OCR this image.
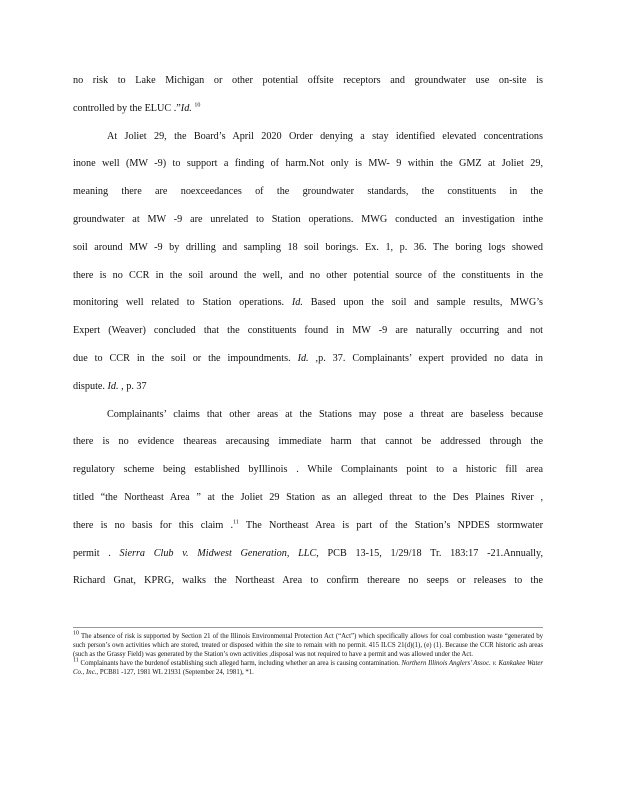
no risk to Lake Michigan or other potential offsite receptors and groundwater use on-site is

controlled by the ELUC .”Id. $^{10}$

At Joliet 29, the Board’s April 2020 Order denying a stay identified elevated concentrations

inone well (MW -9) to support a finding of harm.Not only is MW- 9 within the GMZ at Joliet 29,

meaning there are noexceedances of the groundwater standards, the constituents in the

groundwater at MW -9 are unrelated to Station operations. MWG conducted an investigation inthe

soil around MW -9 by drilling and sampling 18 soil borings. Ex. 1, p. 36. The boring logs showed

there is no CCR in the soil around the well, and no other potential source of the constituents in the

monitoring well related to Station operations. Id. Based upon the soil and sample results, MWG’s

Expert (Weaver) concluded that the constituents found in MW -9 are naturally occurring and not

due to CCR in the soil or the impoundments. Id. ,p. 37. Complainants’ expert provided no data in

dispute. Id. , p. 37

Complainants’ claims that other areas at the Stations may pose a threat are baseless because

there is no evidence theareas arecausing immediate harm that cannot be addressed through the

regulatory scheme being established byIllinois . While Complainants point to a historic fill area

titled “the Northeast Area ” at the Joliet 29 Station as an alleged threat to the Des Plaines River ,

there is no basis for this claim .$^{11}$ The Northeast Area is part of the Station’s NPDES stormwater

permit . Sierra Club v. Midwest Generation, LLC, PCB 13-15, 1/29/18 Tr. 183:17 -21.Annually,

Richard Gnat, KPRG, walks the Northeast Area to confirm thereare no seeps or releases to the

$^{10}$ The absence of risk is supported by Section 21 of the Illinois Environmental Protection Act (“Act”) which specifically allows for coal combustion waste “generated by such person’s own activities which are stored, treated or disposed within the site to remain with no permit. 415 ILCS 21(d)(1), (e) (1). Because the CCR historic ash areas (such as the Grassy Field) was generated by the Station’s own activities ,disposal was not required to have a permit and was allowed under the Act.

$^{11}$ Complainants have the burdenof establishing such alleged harm, including whether an area is causing contamination. Northern Illinois Anglers’ Assoc. v. Kankakee Water Co., Inc., PCB81 -127, 1981 WL 21931 (September 24, 1981), *1.
